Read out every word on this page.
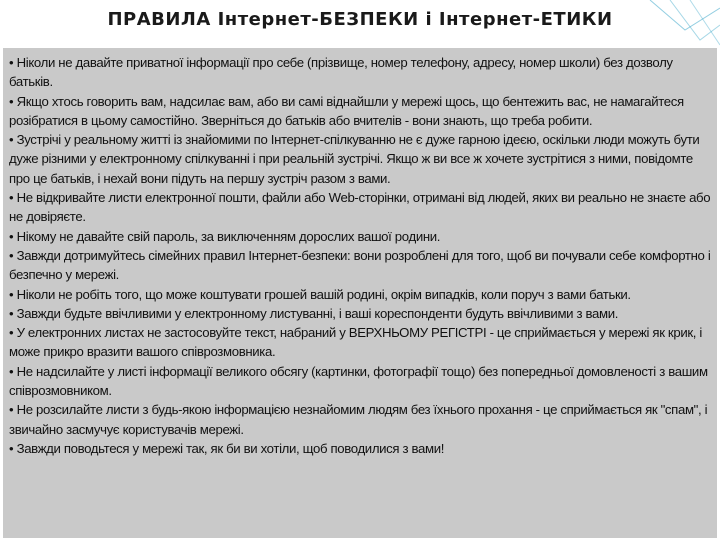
ПРАВИЛА Інтернет-БЕЗПЕКИ і Інтернет-ЕТИКИ

• Ніколи не давайте приватної інформації про себе (прізвище, номер телефону, адресу, номер школи) без дозволу батьків.

• Якщо хтось говорить вам, надсилає вам, або ви самі віднайшли у мережі щось, що бентежить вас, не намагайтеся розібратися в цьому самостійно. Зверніться до батьків або вчителів - вони знають, що треба робити.

• Зустрічі у реальному житті із знайомими по Інтернет-спілкуванню не є дуже гарною ідеєю, оскільки люди можуть бути дуже різними у електронному спілкуванні і при реальній зустрічі. Якщо ж ви все ж хочете зустрітися з ними, повідомте про це батьків, і нехай вони підуть на першу зустріч разом з вами.

• Не відкривайте листи електронної пошти, файли або Web-сторінки, отримані від людей, яких ви реально не знаєте або не довіряєте.

• Нікому не давайте свій пароль, за виключенням дорослих вашої родини.

• Завжди дотримуйтесь сімейних правил Інтернет-безпеки: вони розроблені для того, щоб ви почували себе комфортно і безпечно у мережі.

• Ніколи не робіть того, що може коштувати грошей вашій родині, окрім випадків, коли поруч з вами батьки.

• Завжди будьте ввічливими у електронному листуванні, і ваші кореспонденти будуть ввічливими з вами.

• У електронних листах не застосовуйте текст, набраний у ВЕРХНЬОМУ РЕГІСТРІ - це сприймається у мережі як крик, і може прикро вразити вашого співрозмовника.

• Не надсилайте у листі інформації великого обсягу (картинки, фотографії тощо) без попередньої домовленості з вашим співрозмовником.

• Не розсилайте листи з будь-якою інформацією незнайомим людям без їхнього прохання - це сприймається як "спам", і звичайно засмучує користувачів мережі.

• Завжди поводьтеся у мережі так, як би ви хотіли, щоб поводилися з вами!
